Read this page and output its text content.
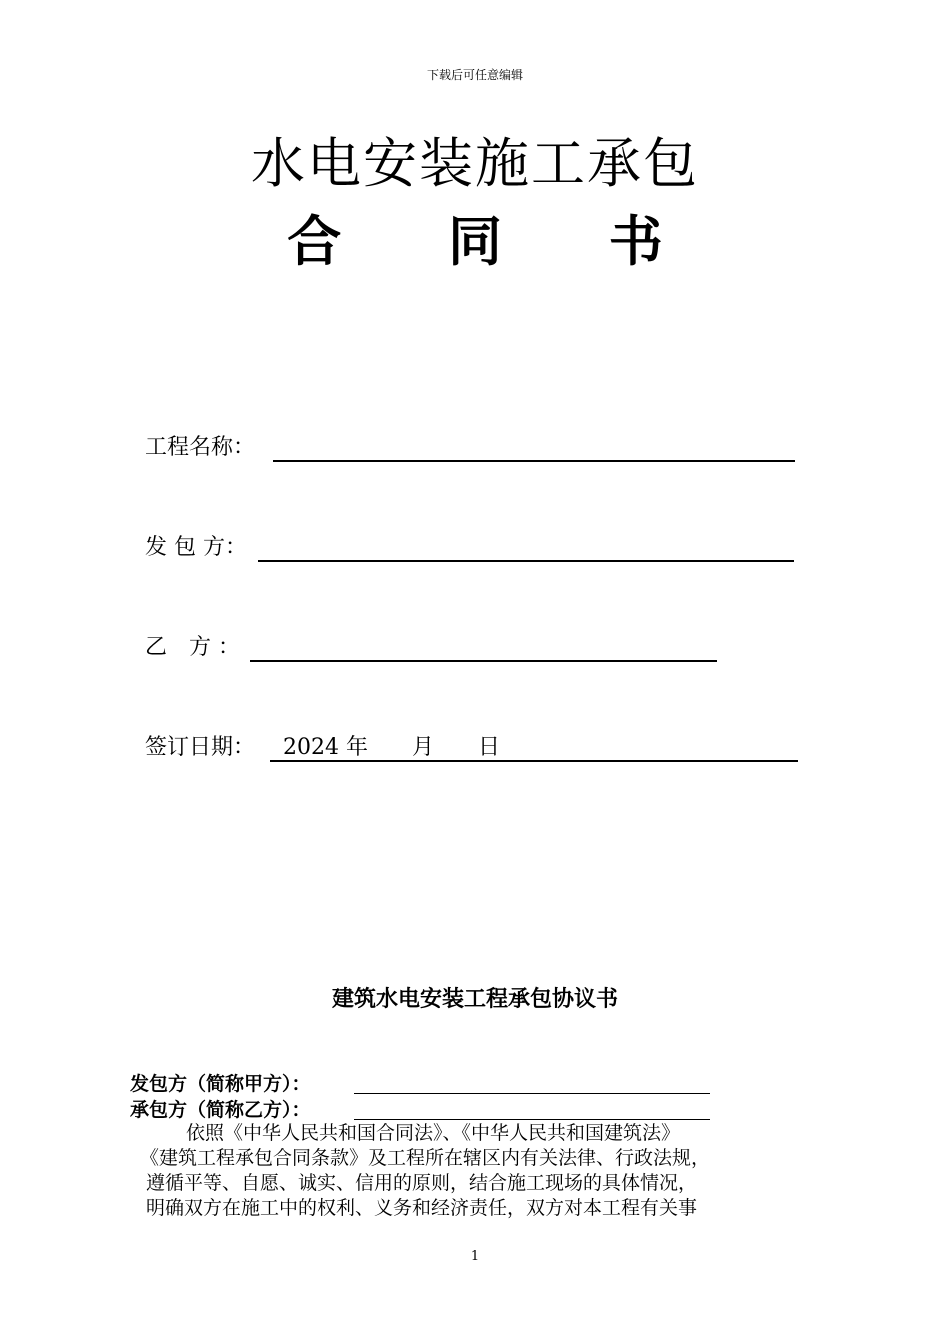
下载后可任意编辑
水电安装施工承包
合 同 书
工程名称：
发 包 方：
乙　方 ：
签订日期： 2024 年　　月　　日
建筑水电安装工程承包协议书
发包方（简称甲方）：
承包方（简称乙方）：
　　依照《中华人民共和国合同法》、《中华人民共和国建筑法》
《建筑工程承包合同条款》及工程所在辖区内有关法律、行政法规，
遵循平等、自愿、诚实、信用的原则，结合施工现场的具体情况，
明确双方在施工中的权利、义务和经济责任，双方对本工程有关事
1
